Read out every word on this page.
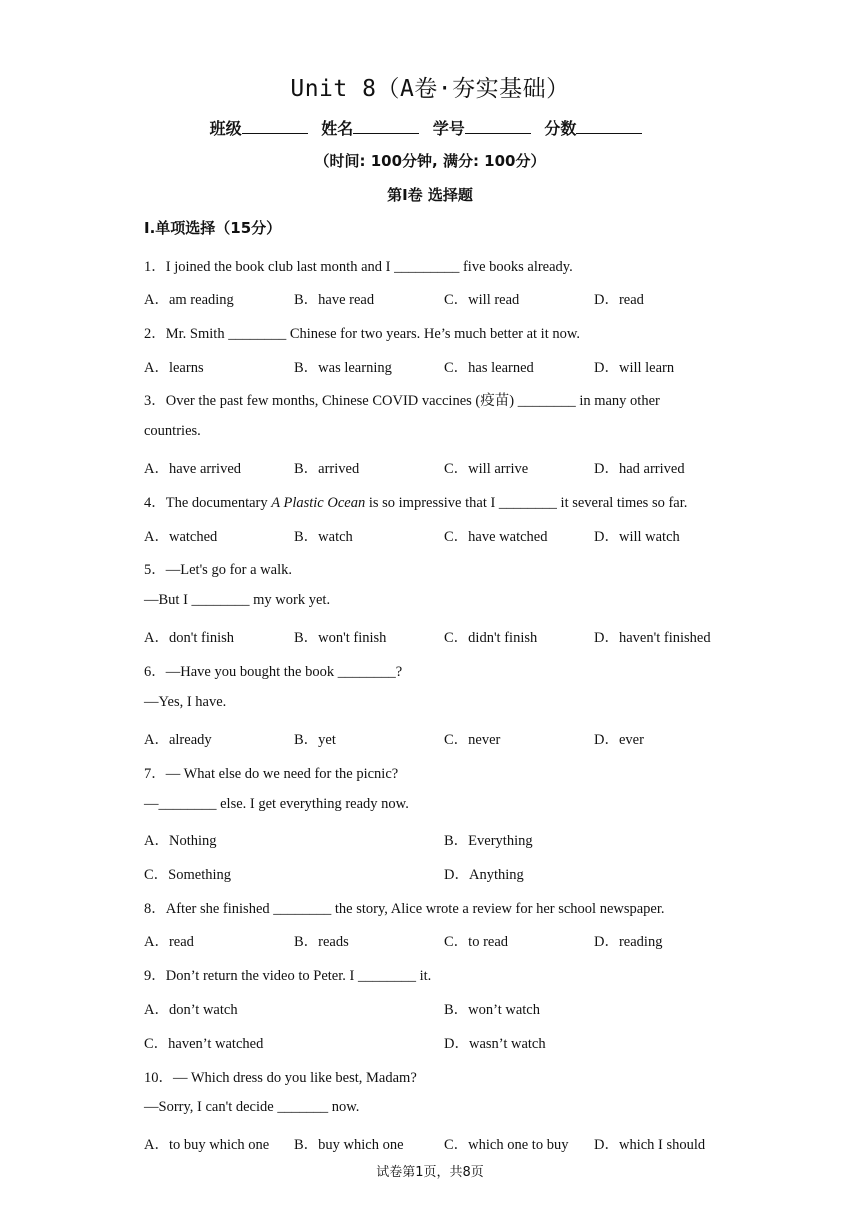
Unit 8（A卷·夯实基础）
班级	姓名	学号	分数
（时间: 100分钟, 满分: 100分）
第Ⅰ卷 选择题
Ⅰ.单项选择（15分）
1．I joined the book club last month and I _________ five books already.
A．am reading	B．have read	C．will read	D．read
2．Mr. Smith ________ Chinese for two years. He’s much better at it now.
A．learns	B．was learning	C．has learned	D．will learn
3．Over the past few months, Chinese COVID vaccines (疫苗) ________ in many other
countries.
A．have arrived	B．arrived	C．will arrive	D．had arrived
4．The documentary A Plastic Ocean is so impressive that I ________ it several times so far.
A．watched	B．watch	C．have watched	D．will watch
5．—Let's go for a walk.
—But I ________ my work yet.
A．don't finish	B．won't finish	C．didn't finish	D．haven't finished
6．—Have you bought the book ________?
—Yes, I have.
A．already	B．yet	C．never	D．ever
7．— What else do we need for the picnic?
—________ else. I get everything ready now.
A．Nothing	B．Everything
C．Something	D．Anything
8．After she finished ________ the story, Alice wrote a review for her school newspaper.
A．read	B．reads	C．to read	D．reading
9．Don’t return the video to Peter. I ________ it.
A．don’t watch	B．won’t watch
C．haven’t watched	D．wasn’t watch
10．— Which dress do you like best, Madam?
—Sorry, I can't decide _______ now.
A．to buy which one B．buy which one	C．which one to buy D．which I should
试卷第1页，共8页
